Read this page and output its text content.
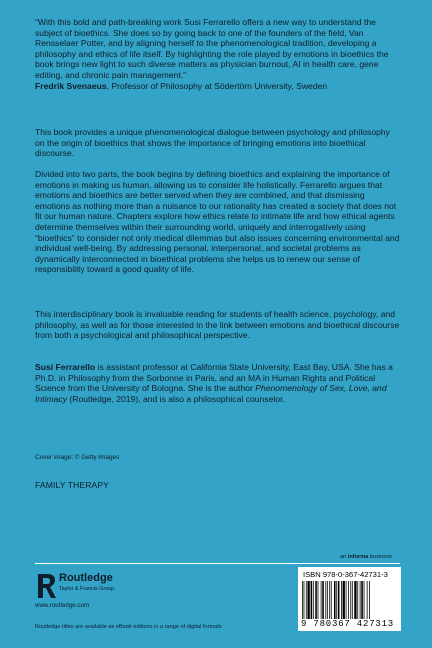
“With this bold and path-breaking work Susi Ferrarello offers a new way to understand the subject of bioethics. She does so by going back to one of the founders of the field, Van Rensselaer Potter, and by aligning herself to the phenomenological tradition, developing a philosophy and ethics of life itself. By highlighting the role played by emotions in bioethics the book brings new light to such diverse matters as physician burnout, AI in health care, gene editing, and chronic pain management.”
Fredrik Svenaeus, Professor of Philosophy at Södertörn University, Sweden

This book provides a unique phenomenological dialogue between psychology and philosophy on the origin of bioethics that shows the importance of bringing emotions into bioethical discourse.

Divided into two parts, the book begins by defining bioethics and explaining the importance of emotions in making us human, allowing us to consider life holistically. Ferrarello argues that emotions and bioethics are better served when they are combined, and that dismissing emotions as nothing more than a nuisance to our rationality has created a society that does not fit our human nature. Chapters explore how ethics relate to intimate life and how ethical agents determine themselves within their surrounding world, uniquely and interrogatively using “bioethics” to consider not only medical dilemmas but also issues concerning environmental and individual well-being. By addressing personal, interpersonal, and societal problems as dynamically interconnected in bioethical problems she helps us to renew our sense of responsibility toward a good quality of life.

This interdisciplinary book is invaluable reading for students of health science, psychology, and philosophy, as well as for those interested in the link between emotions and bioethical discourse from both a psychological and philosophical perspective.

Susi Ferrarello is assistant professor at California State University, East Bay, USA. She has a Ph.D. in Philosophy from the Sorbonne in Paris, and an MA in Human Rights and Political Science from the University of Bologna. She is the author Phenomenology of Sex, Love, and Intimacy (Routledge, 2019), and is also a philosophical counselor.

Cover image: © Getty Images
FAMILY THERAPY
an informa business
Routledge
Taylor & Francis Group
www.routledge.com
Routledge titles are available as eBook editions in a range of digital formats
ISBN 978-0-367-42731-3
9 780367 427313
